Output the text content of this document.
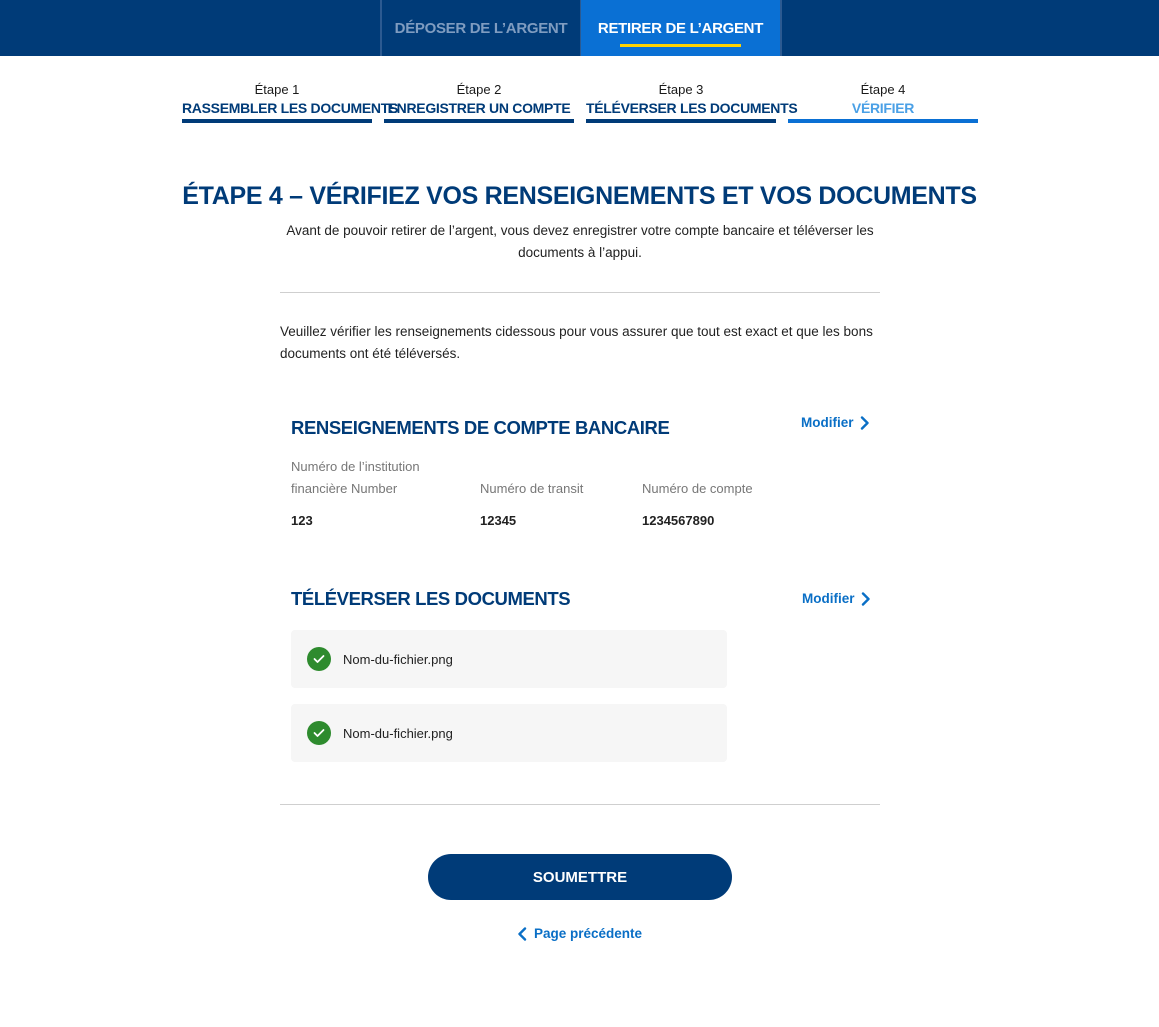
DÉPOSER DE L’ARGENT RETIRER DE L’ARGENT
Étape 1
RASSEMBLER LES DOCUMENTS
Étape 2
ENREGISTRER UN COMPTE
Étape 3
TÉLÉVERSER LES DOCUMENTS
Étape 4
VÉRIFIER
ÉTAPE 4 – VÉRIFIEZ VOS RENSEIGNEMENTS ET VOS DOCUMENTS
Avant de pouvoir retirer de l’argent, vous devez enregistrer votre compte bancaire et téléverser les documents à l’appui.
Veuillez vérifier les renseignements cidessous pour vous assurer que tout est exact et que les bons documents ont été téléversés.
RENSEIGNEMENTS DE COMPTE BANCAIRE	Modifier
Numéro de l’institution financière Number
123
Numéro de transit
12345
Numéro de compte
1234567890
TÉLÉVERSER LES DOCUMENTS	Modifier
Nom-du-fichier.png
Nom-du-fichier.png
SOUMETTRE
Page précédente
